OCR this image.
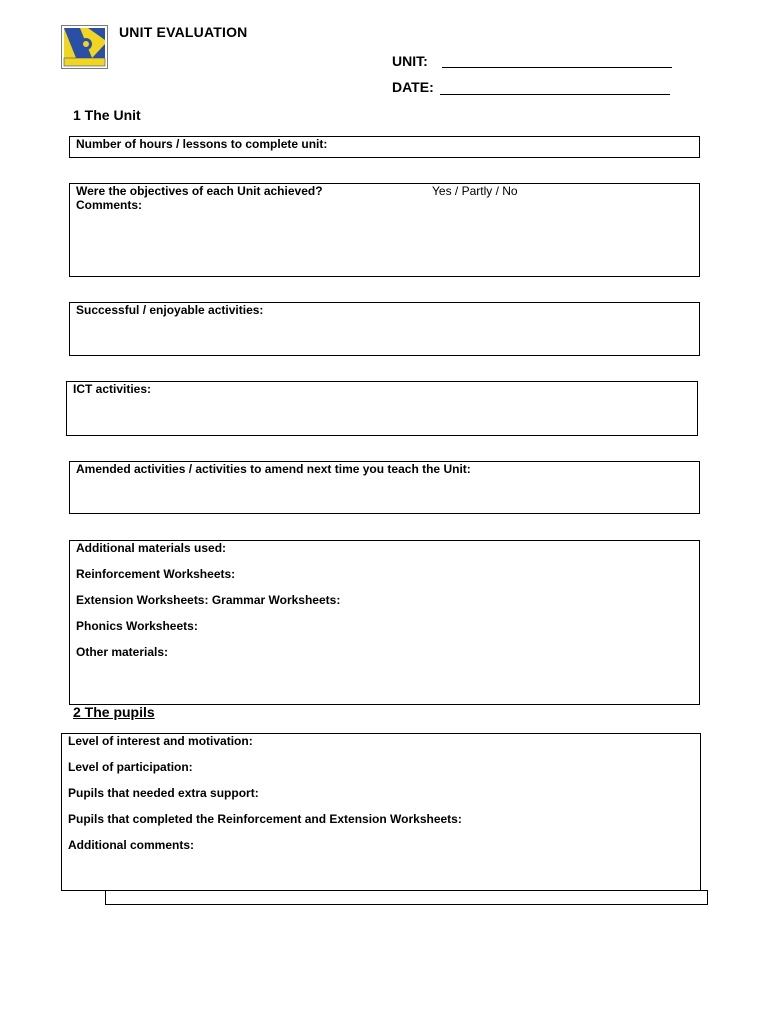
UNIT EVALUATION
UNIT:
DATE:
1 The Unit
Number of hours / lessons to complete unit:
Were the objectives of each Unit achieved?	Yes / Partly / No
Comments:
Successful / enjoyable activities:
ICT activities:
Amended activities / activities to amend next time you teach the Unit:
Additional materials used:
Reinforcement Worksheets:
Extension Worksheets: Grammar Worksheets:
Phonics Worksheets:
Other materials:
2 The pupils
Level of interest and motivation:
Level of participation:
Pupils that needed extra support:
Pupils that completed the Reinforcement and Extension Worksheets:
Additional comments:
